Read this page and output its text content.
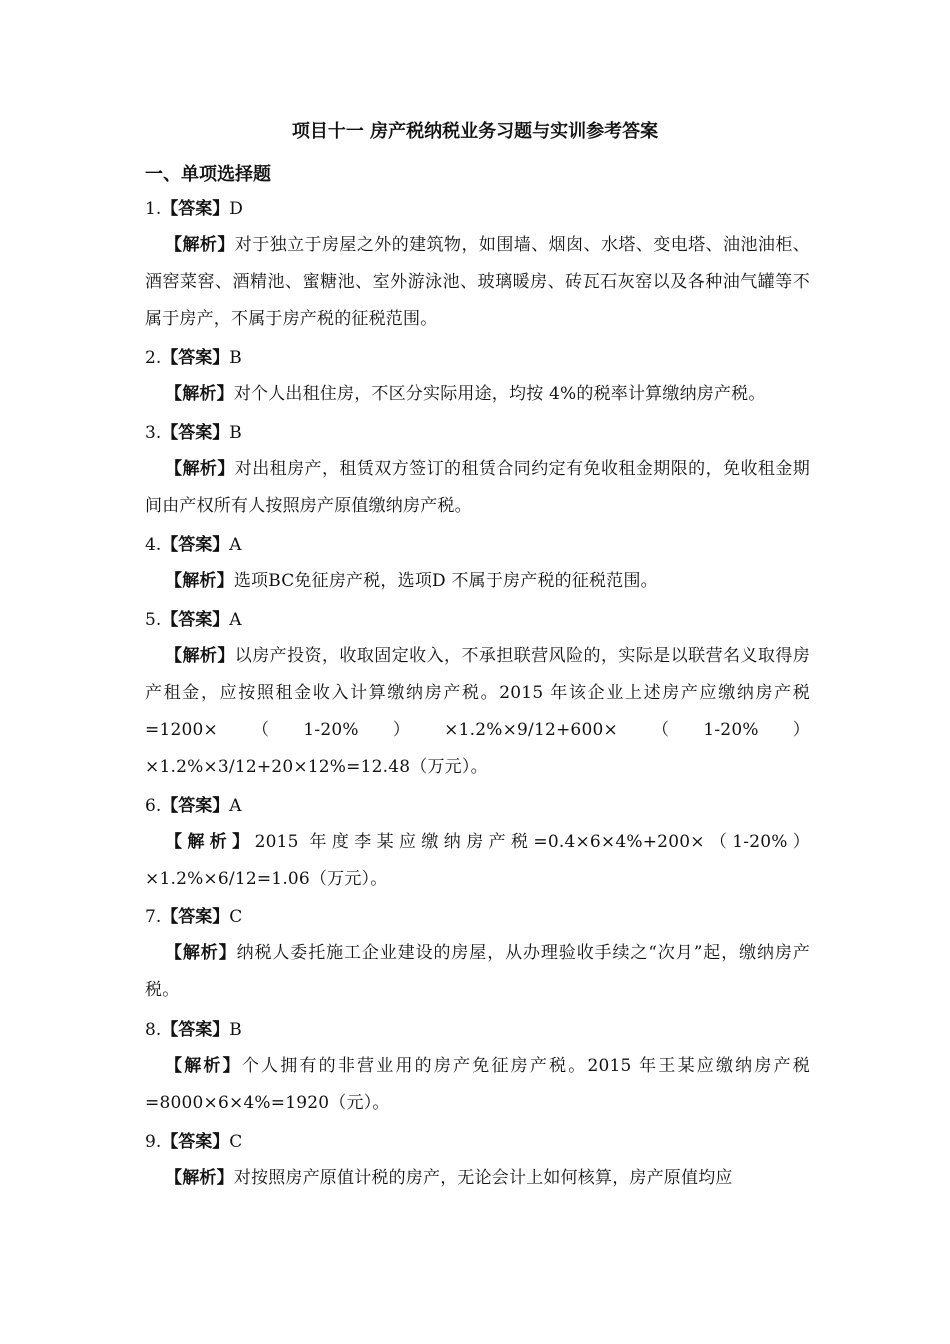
项目十一 房产税纳税业务习题与实训参考答案
一、单项选择题
1.【答案】D
【解析】对于独立于房屋之外的建筑物，如围墙、烟囱、水塔、变电塔、油池油柜、酒窖菜窖、酒精池、蜜糖池、室外游泳池、玻璃暖房、砖瓦石灰窑以及各种油气罐等不属于房产，不属于房产税的征税范围。
2.【答案】B
【解析】对个人出租住房，不区分实际用途，均按 4%的税率计算缴纳房产税。
3.【答案】B
【解析】对出租房产，租赁双方签订的租赁合同约定有免收租金期限的，免收租金期间由产权所有人按照房产原值缴纳房产税。
4.【答案】A
【解析】选项BC免征房产税，选项D 不属于房产税的征税范围。
5.【答案】A
【解析】以房产投资，收取固定收入，不承担联营风险的，实际是以联营名义取得房产租金，应按照租金收入计算缴纳房产税。2015 年该企业上述房产应缴纳房产税=1200×（1-20%）×1.2%×9/12+600×（1-20%）×1.2%×3/12+20×12%=12.48（万元）。
6.【答案】A
【解析】2015 年度李某应缴纳房产税=0.4×6×4%+200×（1-20%）×1.2%×6/12=1.06（万元）。
7.【答案】C
【解析】纳税人委托施工企业建设的房屋，从办理验收手续之“次月”起，缴纳房产税。
8.【答案】B
【解析】个人拥有的非营业用的房产免征房产税。2015 年王某应缴纳房产税=8000×6×4%=1920（元）。
9.【答案】C
【解析】对按照房产原值计税的房产，无论会计上如何核算，房产原值均应
